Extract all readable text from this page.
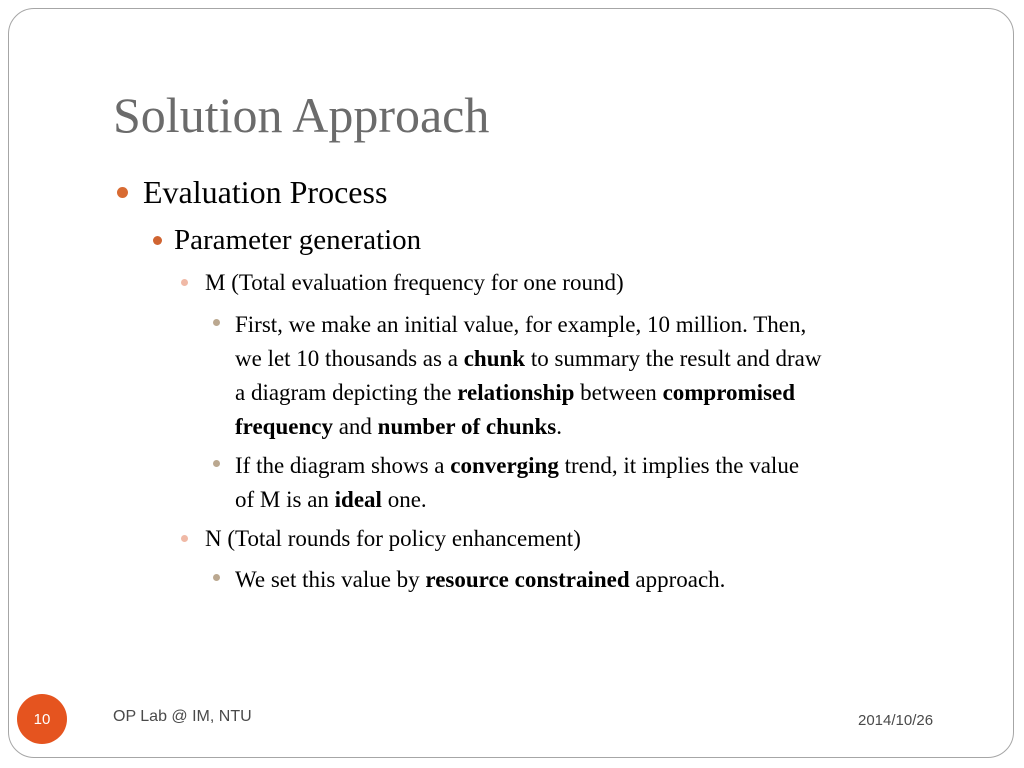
Solution Approach
Evaluation Process
Parameter generation
M (Total evaluation frequency for one round)
First, we make an initial value, for example, 10 million. Then,
we let 10 thousands as a chunk to summary the result and draw
a diagram depicting the relationship between compromised
frequency and number of chunks.
If the diagram shows a converging trend, it implies the value
of M is an ideal one.
N (Total rounds for policy enhancement)
We set this value by resource constrained approach.
10	OP Lab @ IM, NTU	2014/10/26
